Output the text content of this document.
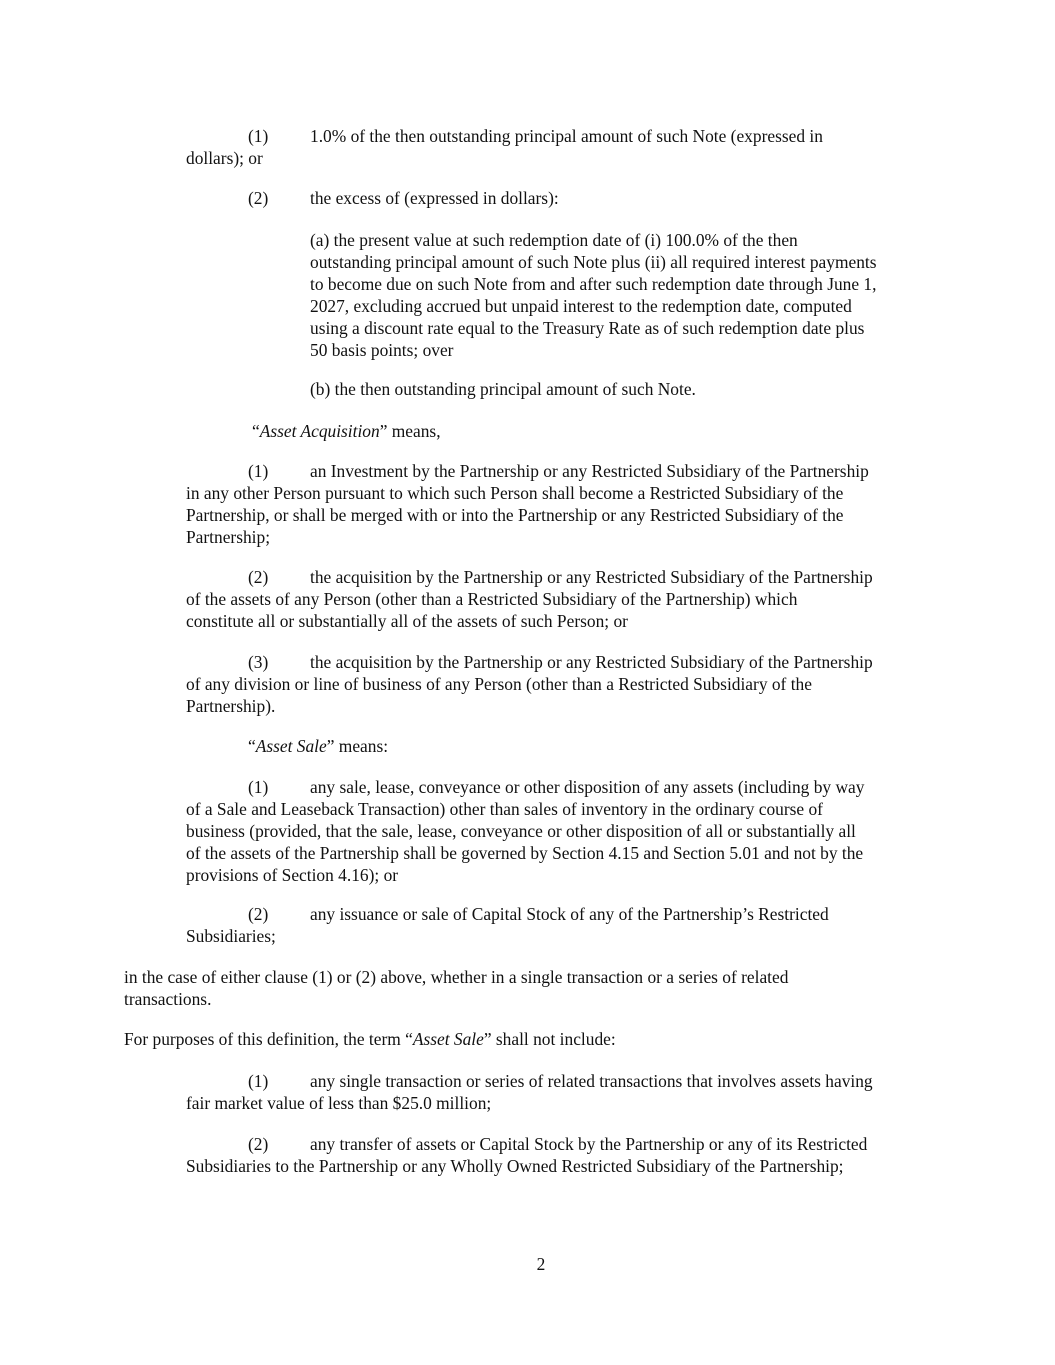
(1) 1.0% of the then outstanding principal amount of such Note (expressed in
dollars); or
(2) the excess of (expressed in dollars):
(a) the present value at such redemption date of (i) 100.0% of the then
outstanding principal amount of such Note plus (ii) all required interest payments
to become due on such Note from and after such redemption date through June 1,
2027, excluding accrued but unpaid interest to the redemption date, computed
using a discount rate equal to the Treasury Rate as of such redemption date plus
50 basis points; over
(b) the then outstanding principal amount of such Note.
“Asset Acquisition” means,
(1) an Investment by the Partnership or any Restricted Subsidiary of the Partnership
in any other Person pursuant to which such Person shall become a Restricted Subsidiary of the
Partnership, or shall be merged with or into the Partnership or any Restricted Subsidiary of the
Partnership;
(2) the acquisition by the Partnership or any Restricted Subsidiary of the Partnership
of the assets of any Person (other than a Restricted Subsidiary of the Partnership) which
constitute all or substantially all of the assets of such Person; or
(3) the acquisition by the Partnership or any Restricted Subsidiary of the Partnership
of any division or line of business of any Person (other than a Restricted Subsidiary of the
Partnership).
“Asset Sale” means:
(1) any sale, lease, conveyance or other disposition of any assets (including by way
of a Sale and Leaseback Transaction) other than sales of inventory in the ordinary course of
business (provided, that the sale, lease, conveyance or other disposition of all or substantially all
of the assets of the Partnership shall be governed by Section 4.15 and Section 5.01 and not by the
provisions of Section 4.16); or
(2) any issuance or sale of Capital Stock of any of the Partnership’s Restricted
Subsidiaries;
in the case of either clause (1) or (2) above, whether in a single transaction or a series of related
transactions.
For purposes of this definition, the term “Asset Sale” shall not include:
(1) any single transaction or series of related transactions that involves assets having
fair market value of less than $25.0 million;
(2) any transfer of assets or Capital Stock by the Partnership or any of its Restricted
Subsidiaries to the Partnership or any Wholly Owned Restricted Subsidiary of the Partnership;
2
